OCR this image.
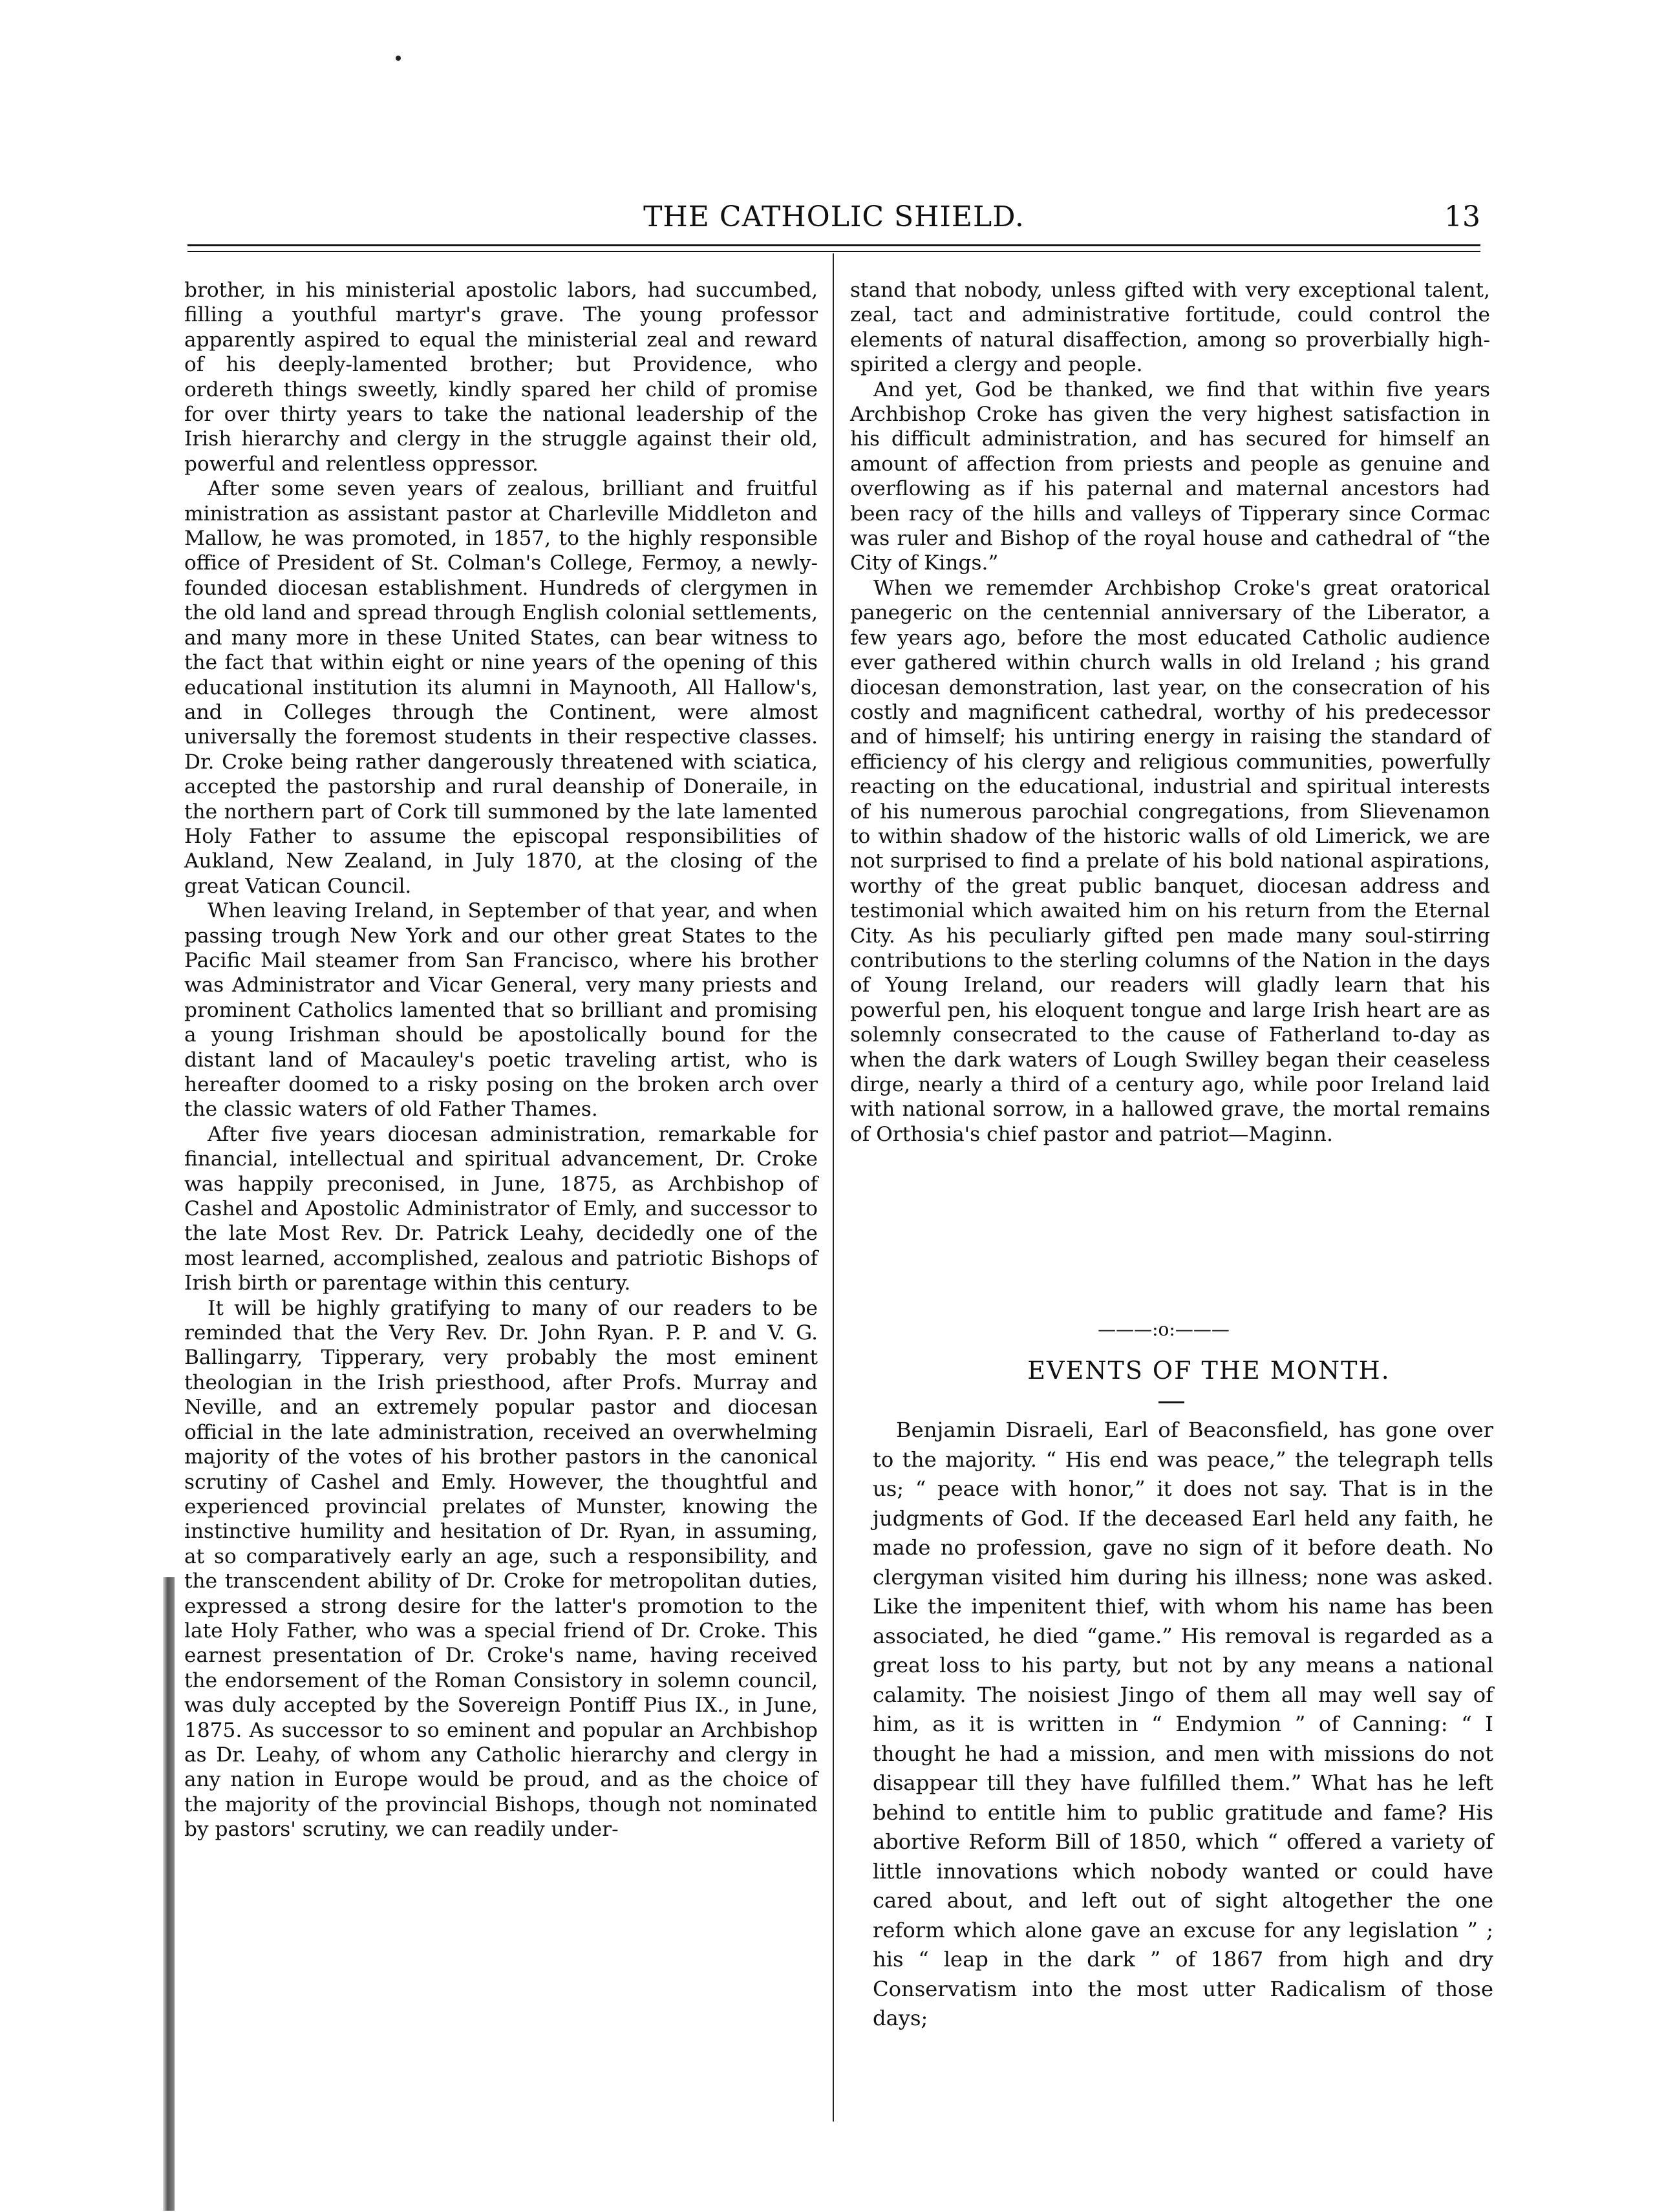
THE CATHOLIC SHIELD.	13

brother, in his ministerial apostolic labors, had succumbed, filling a youthful martyr's grave. The young professor apparently aspired to equal the ministerial zeal and reward of his deeply-lamented brother; but Providence, who ordereth things sweetly, kindly spared her child of promise for over thirty years to take the national leadership of the Irish hierarchy and clergy in the struggle against their old, powerful and relentless oppressor.

After some seven years of zealous, brilliant and fruitful ministration as assistant pastor at Charleville Middleton and Mallow, he was promoted, in 1857, to the highly responsible office of President of St. Colman's College, Fermoy, a newly-founded diocesan establishment. Hundreds of clergymen in the old land and spread through English colonial settlements, and many more in these United States, can bear witness to the fact that within eight or nine years of the opening of this educational institution its alumni in Maynooth, All Hallow's, and in Colleges through the Continent, were almost universally the foremost students in their respective classes. Dr. Croke being rather dangerously threatened with sciatica, accepted the pastorship and rural deanship of Doneraile, in the northern part of Cork till summoned by the late lamented Holy Father to assume the episcopal responsibilities of Aukland, New Zealand, in July 1870, at the closing of the great Vatican Council.

When leaving Ireland, in September of that year, and when passing trough New York and our other great States to the Pacific Mail steamer from San Francisco, where his brother was Administrator and Vicar General, very many priests and prominent Catholics lamented that so brilliant and promising a young Irishman should be apostolically bound for the distant land of Macauley's poetic traveling artist, who is hereafter doomed to a risky posing on the broken arch over the classic waters of old Father Thames.

After five years diocesan administration, remarkable for financial, intellectual and spiritual advancement, Dr. Croke was happily preconised, in June, 1875, as Archbishop of Cashel and Apostolic Administrator of Emly, and successor to the late Most Rev. Dr. Patrick Leahy, decidedly one of the most learned, accomplished, zealous and patriotic Bishops of Irish birth or parentage within this century.

It will be highly gratifying to many of our readers to be reminded that the Very Rev. Dr. John Ryan. P. P. and V. G. Ballingarry, Tipperary, very probably the most eminent theologian in the Irish priesthood, after Profs. Murray and Neville, and an extremely popular pastor and diocesan official in the late administration, received an overwhelming majority of the votes of his brother pastors in the canonical scrutiny of Cashel and Emly. However, the thoughtful and experienced provincial prelates of Munster, knowing the instinctive humility and hesitation of Dr. Ryan, in assuming, at so comparatively early an age, such a responsibility, and the transcendent ability of Dr. Croke for metropolitan duties, expressed a strong desire for the latter's promotion to the late Holy Father, who was a special friend of Dr. Croke. This earnest presentation of Dr. Croke's name, having received the endorsement of the Roman Consistory in solemn council, was duly accepted by the Sovereign Pontiff Pius IX., in June, 1875. As successor to so eminent and popular an Archbishop as Dr. Leahy, of whom any Catholic hierarchy and clergy in any nation in Europe would be proud, and as the choice of the majority of the provincial Bishops, though not nominated by pastors' scrutiny, we can readily under-

stand that nobody, unless gifted with very exceptional talent, zeal, tact and administrative fortitude, could control the elements of natural disaffection, among so proverbially high-spirited a clergy and people.

And yet, God be thanked, we find that within five years Archbishop Croke has given the very highest satisfaction in his difficult administration, and has secured for himself an amount of affection from priests and people as genuine and overflowing as if his paternal and maternal ancestors had been racy of the hills and valleys of Tipperary since Cormac was ruler and Bishop of the royal house and cathedral of “the City of Kings.”

When we rememder Archbishop Croke's great oratorical panegeric on the centennial anniversary of the Liberator, a few years ago, before the most educated Catholic audience ever gathered within church walls in old Ireland ; his grand diocesan demonstration, last year, on the consecration of his costly and magnificent cathedral, worthy of his predecessor and of himself; his untiring energy in raising the standard of efficiency of his clergy and religious communities, powerfully reacting on the educational, industrial and spiritual interests of his numerous parochial congregations, from Slievenamon to within shadow of the historic walls of old Limerick, we are not surprised to find a prelate of his bold national aspirations, worthy of the great public banquet, diocesan address and testimonial which awaited him on his return from the Eternal City. As his peculiarly gifted pen made many soul-stirring contributions to the sterling columns of the Nation in the days of Young Ireland, our readers will gladly learn that his powerful pen, his eloquent tongue and large Irish heart are as solemnly consecrated to the cause of Fatherland to-day as when the dark waters of Lough Swilley began their ceaseless dirge, nearly a third of a century ago, while poor Ireland laid with national sorrow, in a hallowed grave, the mortal remains of Orthosia's chief pastor and patriot—Maginn.

———:o:———
EVENTS OF THE MONTH.

Benjamin Disraeli, Earl of Beaconsfield, has gone over to the majority. “ His end was peace,” the telegraph tells us; “ peace with honor,” it does not say. That is in the judgments of God. If the deceased Earl held any faith, he made no profession, gave no sign of it before death. No clergyman visited him during his illness; none was asked. Like the impenitent thief, with whom his name has been associated, he died “game.” His removal is regarded as a great loss to his party, but not by any means a national calamity. The noisiest Jingo of them all may well say of him, as it is written in “ Endymion ” of Canning: “ I thought he had a mission, and men with missions do not disappear till they have fulfilled them.” What has he left behind to entitle him to public gratitude and fame? His abortive Reform Bill of 1850, which “ offered a variety of little innovations which nobody wanted or could have cared about, and left out of sight altogether the one reform which alone gave an excuse for any legislation ” ; his “ leap in the dark ” of 1867 from high and dry Conservatism into the most utter Radicalism of those days;
